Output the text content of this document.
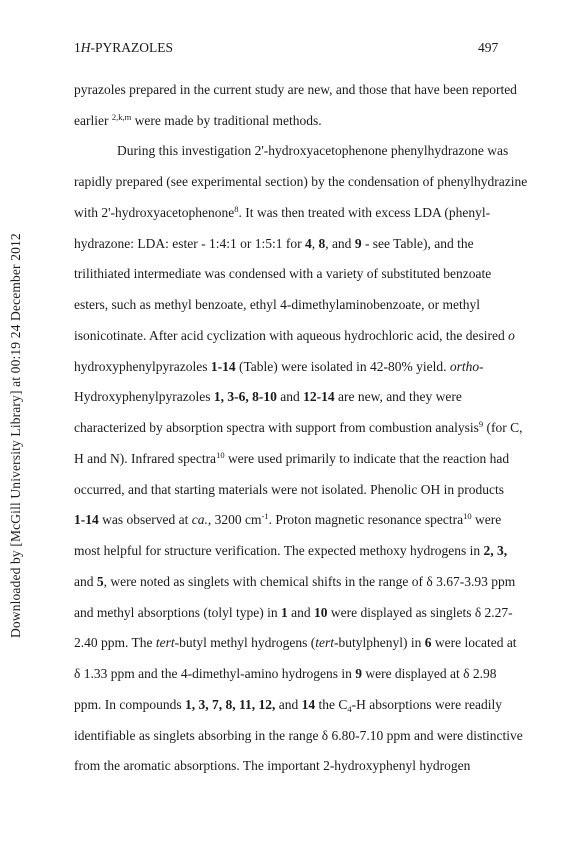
Downloaded by [McGill University Library] at 00:19 24 December 2012
1H-PYRAZOLES	497
pyrazoles prepared in the current study are new, and those that have been reported
earlier $^{2,k,m}$ were made by traditional methods.
During this investigation 2'-hydroxyacetophenone phenylhydrazone was
rapidly prepared (see experimental section) by the condensation of phenylhydrazine
with 2'-hydroxyacetophenone$^8$. It was then treated with excess LDA (phenyl-
hydrazone: LDA: ester - 1:4:1 or 1:5:1 for 4, 8, and 9 - see Table), and the
trilithiated intermediate was condensed with a variety of substituted benzoate
esters, such as methyl benzoate, ethyl 4-dimethylaminobenzoate, or methyl
isonicotinate. After acid cyclization with aqueous hydrochloric acid, the desired o
hydroxyphenylpyrazoles 1-14 (Table) were isolated in 42-80% yield. ortho-
Hydroxyphenylpyrazoles 1, 3-6, 8-10 and 12-14 are new, and they were
characterized by absorption spectra with support from combustion analysis$^9$ (for C,
H and N). Infrared spectra$^{10}$ were used primarily to indicate that the reaction had
occurred, and that starting materials were not isolated. Phenolic OH in products
1-14 was observed at ca., 3200 $cm^{-1}$. Proton magnetic resonance spectra$^{10}$ were
most helpful for structure verification. The expected methoxy hydrogens in 2, 3,
and 5, were noted as singlets with chemical shifts in the range of δ 3.67-3.93 ppm
and methyl absorptions (tolyl type) in 1 and 10 were displayed as singlets δ 2.27-
2.40 ppm. The tert-butyl methyl hydrogens (tert-butylphenyl) in 6 were located at
δ 1.33 ppm and the 4-dimethyl-amino hydrogens in 9 were displayed at δ 2.98
ppm. In compounds 1, 3, 7, 8, 11, 12, and 14 the $C_4-H$ absorptions were readily
identifiable as singlets absorbing in the range δ 6.80-7.10 ppm and were distinctive
from the aromatic absorptions. The important 2-hydroxyphenyl hydrogen
